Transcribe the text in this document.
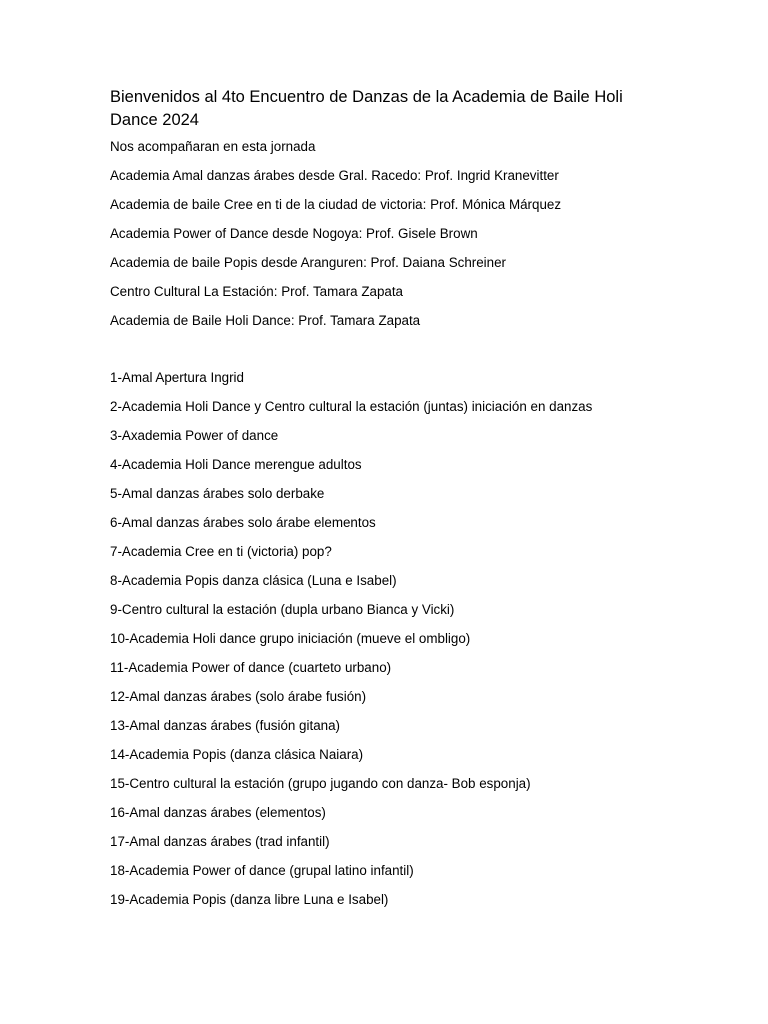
Bienvenidos al 4to Encuentro de Danzas de la Academia de Baile Holi Dance 2024

Nos acompañaran en esta jornada

Academia Amal danzas árabes desde Gral. Racedo: Prof. Ingrid Kranevitter

Academia de baile Cree en ti de la ciudad de victoria: Prof. Mónica Márquez

Academia Power of Dance desde Nogoya: Prof. Gisele Brown

Academia de baile Popis desde Aranguren: Prof. Daiana Schreiner

Centro Cultural La Estación: Prof. Tamara Zapata

Academia de Baile Holi Dance: Prof. Tamara Zapata

1-Amal Apertura Ingrid

2-Academia Holi Dance y Centro cultural la estación (juntas) iniciación en danzas

3-Axademia Power of dance

4-Academia Holi Dance merengue adultos

5-Amal danzas árabes solo derbake

6-Amal danzas árabes solo árabe elementos

7-Academia Cree en ti (victoria) pop?

8-Academia Popis danza clásica (Luna e Isabel)

9-Centro cultural la estación (dupla urbano Bianca y Vicki)

10-Academia Holi dance grupo iniciación (mueve el ombligo)

11-Academia Power of dance (cuarteto urbano)

12-Amal danzas árabes (solo árabe fusión)

13-Amal danzas árabes (fusión gitana)

14-Academia Popis (danza clásica Naiara)

15-Centro cultural la estación (grupo jugando con danza- Bob esponja)

16-Amal danzas árabes (elementos)

17-Amal danzas árabes (trad infantil)

18-Academia Power of dance (grupal latino infantil)

19-Academia Popis (danza libre Luna e Isabel)
